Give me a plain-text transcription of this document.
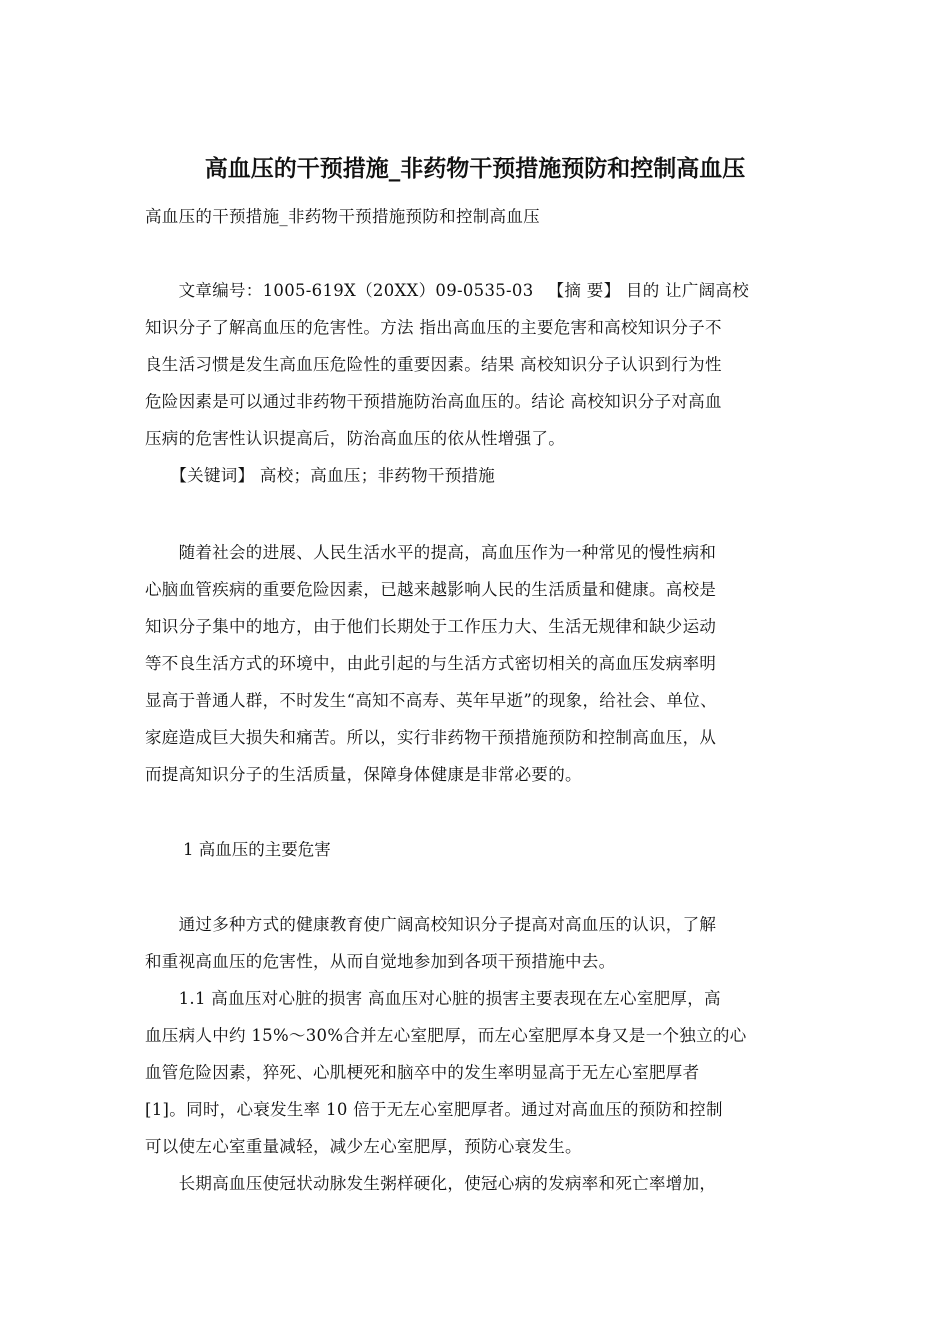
高血压的干预措施_非药物干预措施预防和控制高血压
高血压的干预措施_非药物干预措施预防和控制高血压
　　文章编号：1005-619X（20XX）09-0535-03 　【摘 要】 目的 让广阔高校
知识分子了解高血压的危害性。方法 指出高血压的主要危害和高校知识分子不
良生活习惯是发生高血压危险性的重要因素。结果 高校知识分子认识到行为性
危险因素是可以通过非药物干预措施防治高血压的。结论 高校知识分子对高血
压病的危害性认识提高后，防治高血压的依从性增强了。
　　【关键词】 高校；高血压；非药物干预措施
　　随着社会的进展、人民生活水平的提高，高血压作为一种常见的慢性病和
心脑血管疾病的重要危险因素，已越来越影响人民的生活质量和健康。高校是
知识分子集中的地方，由于他们长期处于工作压力大、生活无规律和缺少运动
等不良生活方式的环境中，由此引起的与生活方式密切相关的高血压发病率明
显高于普通人群，不时发生“高知不高寿、英年早逝”的现象，给社会、单位、
家庭造成巨大损失和痛苦。所以，实行非药物干预措施预防和控制高血压，从
而提高知识分子的生活质量，保障身体健康是非常必要的。
1 高血压的主要危害
　　通过多种方式的健康教育使广阔高校知识分子提高对高血压的认识，了解
和重视高血压的危害性，从而自觉地参加到各项干预措施中去。
　　1.1 高血压对心脏的损害 高血压对心脏的损害主要表现在左心室肥厚，高
血压病人中约 15%～30%合并左心室肥厚，而左心室肥厚本身又是一个独立的心
血管危险因素，猝死、心肌梗死和脑卒中的发生率明显高于无左心室肥厚者
[1]。同时，心衰发生率 10 倍于无左心室肥厚者。通过对高血压的预防和控制
可以使左心室重量减轻，减少左心室肥厚，预防心衰发生。
　　长期高血压使冠状动脉发生粥样硬化，使冠心病的发病率和死亡率增加，
